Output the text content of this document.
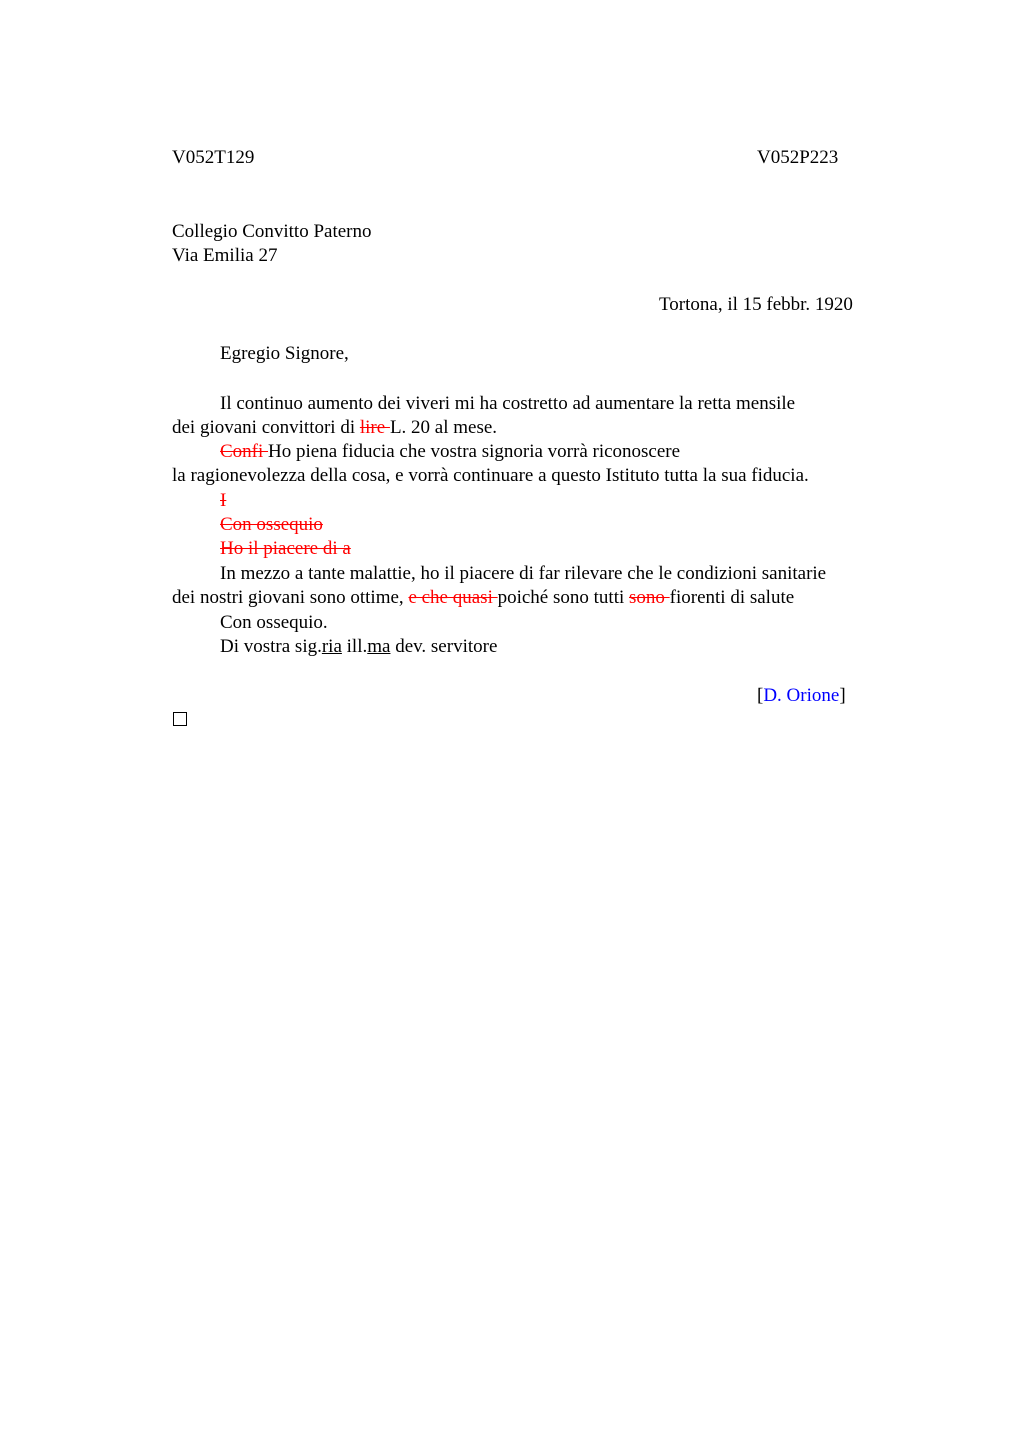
V052T129	V052P223
Collegio Convitto Paterno
Via Emilia 27
Tortona, il 15 febbr. 1920
Egregio Signore,
Il continuo aumento dei viveri mi ha costretto ad aumentare la retta mensile
dei giovani convittori di lire L. 20 al mese.
Confi Ho piena fiducia che vostra signoria vorrà riconoscere
la ragionevolezza della cosa, e vorrà continuare a questo Istituto tutta la sua fiducia.
I
Con ossequio
Ho il piacere di a
In mezzo a tante malattie, ho il piacere di far rilevare che le condizioni sanitarie
dei nostri giovani sono ottime, e che quasi poiché sono tutti sono fiorenti di salute
Con ossequio.
Di vostra sig.ria ill.ma dev. servitore
[D. Orione]
